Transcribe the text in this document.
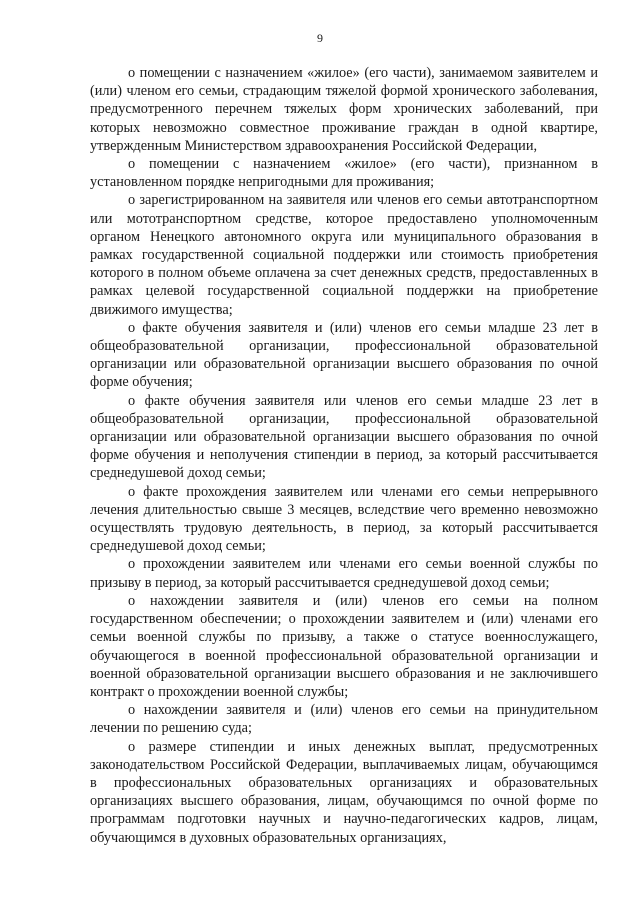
9

о помещении с назначением «жилое» (его части), занимаемом заявителем и (или) членом его семьи, страдающим тяжелой формой хронического заболевания, предусмотренного перечнем тяжелых форм хронических заболеваний, при которых невозможно совместное проживание граждан в одной квартире, утвержденным Министерством здравоохранения Российской Федерации,

о помещении с назначением «жилое» (его части), признанном в установленном порядке непригодными для проживания;

о зарегистрированном на заявителя или членов его семьи автотранспортном или мототранспортном средстве, которое предоставлено уполномоченным органом Ненецкого автономного округа или муниципального образования в рамках государственной социальной поддержки или стоимость приобретения которого в полном объеме оплачена за счет денежных средств, предоставленных в рамках целевой государственной социальной поддержки на приобретение движимого имущества;

о факте обучения заявителя и (или) членов его семьи младше 23 лет в общеобразовательной организации, профессиональной образовательной организации или образовательной организации высшего образования по очной форме обучения;

о факте обучения заявителя или членов его семьи младше 23 лет в общеобразовательной организации, профессиональной образовательной организации или образовательной организации высшего образования по очной форме обучения и неполучения стипендии в период, за который рассчитывается среднедушевой доход семьи;

о факте прохождения заявителем или членами его семьи непрерывного лечения длительностью свыше 3 месяцев, вследствие чего временно невозможно осуществлять трудовую деятельность, в период, за который рассчитывается среднедушевой доход семьи;

о прохождении заявителем или членами его семьи военной службы по призыву в период, за который рассчитывается среднедушевой доход семьи;

о нахождении заявителя и (или) членов его семьи на полном государственном обеспечении; о прохождении заявителем и (или) членами его семьи военной службы по призыву, а также о статусе военнослужащего, обучающегося в военной профессиональной образовательной организации и военной образовательной организации высшего образования и не заключившего контракт о прохождении военной службы;

о нахождении заявителя и (или) членов его семьи на принудительном лечении по решению суда;

о размере стипендии и иных денежных выплат, предусмотренных законодательством Российской Федерации, выплачиваемых лицам, обучающимся в профессиональных образовательных организациях и образовательных организациях высшего образования, лицам, обучающимся по очной форме по программам подготовки научных и научно-педагогических кадров, лицам, обучающимся в духовных образовательных организациях,
